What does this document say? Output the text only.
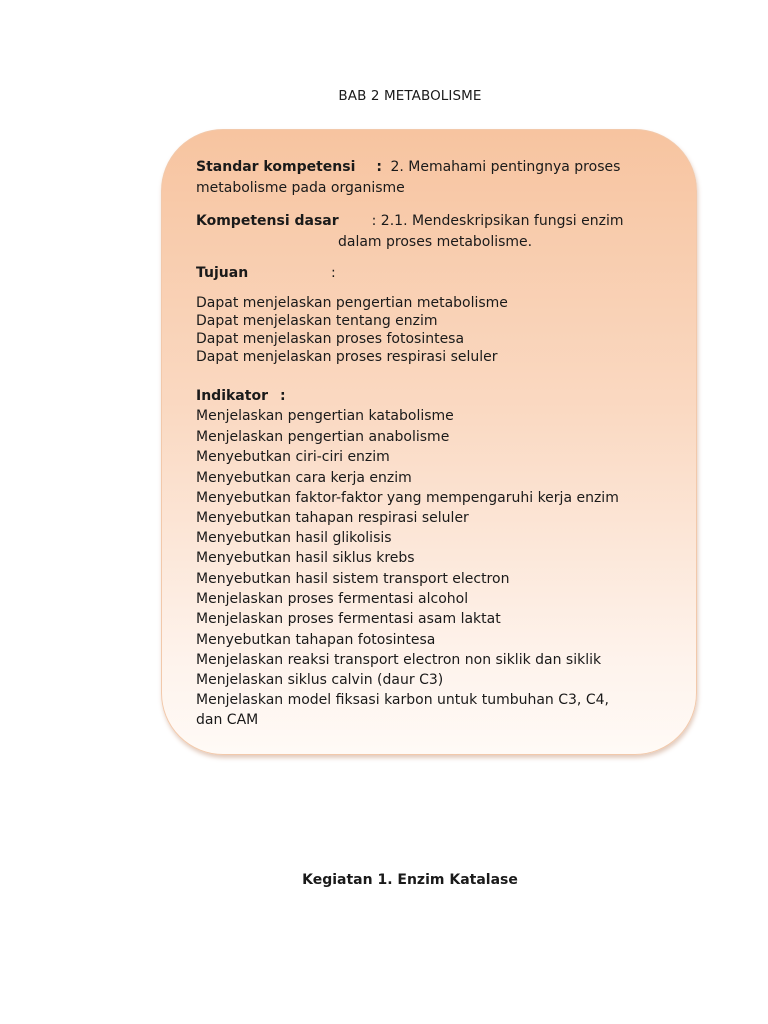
BAB 2 METABOLISME
Standar kompetensi : 2. Memahami pentingnya proses
metabolisme pada organisme
Kompetensi dasar : 2.1. Mendeskripsikan fungsi enzim
dalam proses metabolisme.
Tujuan	:
Dapat menjelaskan pengertian metabolisme
Dapat menjelaskan tentang enzim
Dapat menjelaskan proses fotosintesa
Dapat menjelaskan proses respirasi seluler
Indikator :
Menjelaskan pengertian katabolisme
Menjelaskan pengertian anabolisme
Menyebutkan ciri-ciri enzim
Menyebutkan cara kerja enzim
Menyebutkan faktor-faktor yang mempengaruhi kerja enzim
Menyebutkan tahapan respirasi seluler
Menyebutkan hasil glikolisis
Menyebutkan hasil siklus krebs
Menyebutkan hasil sistem transport electron
Menjelaskan proses fermentasi alcohol
Menjelaskan proses fermentasi asam laktat
Menyebutkan tahapan fotosintesa
Menjelaskan reaksi transport electron non siklik dan siklik
Menjelaskan siklus calvin (daur C3)
Menjelaskan model fiksasi karbon untuk tumbuhan C3, C4,
dan CAM
Kegiatan 1. Enzim Katalase
